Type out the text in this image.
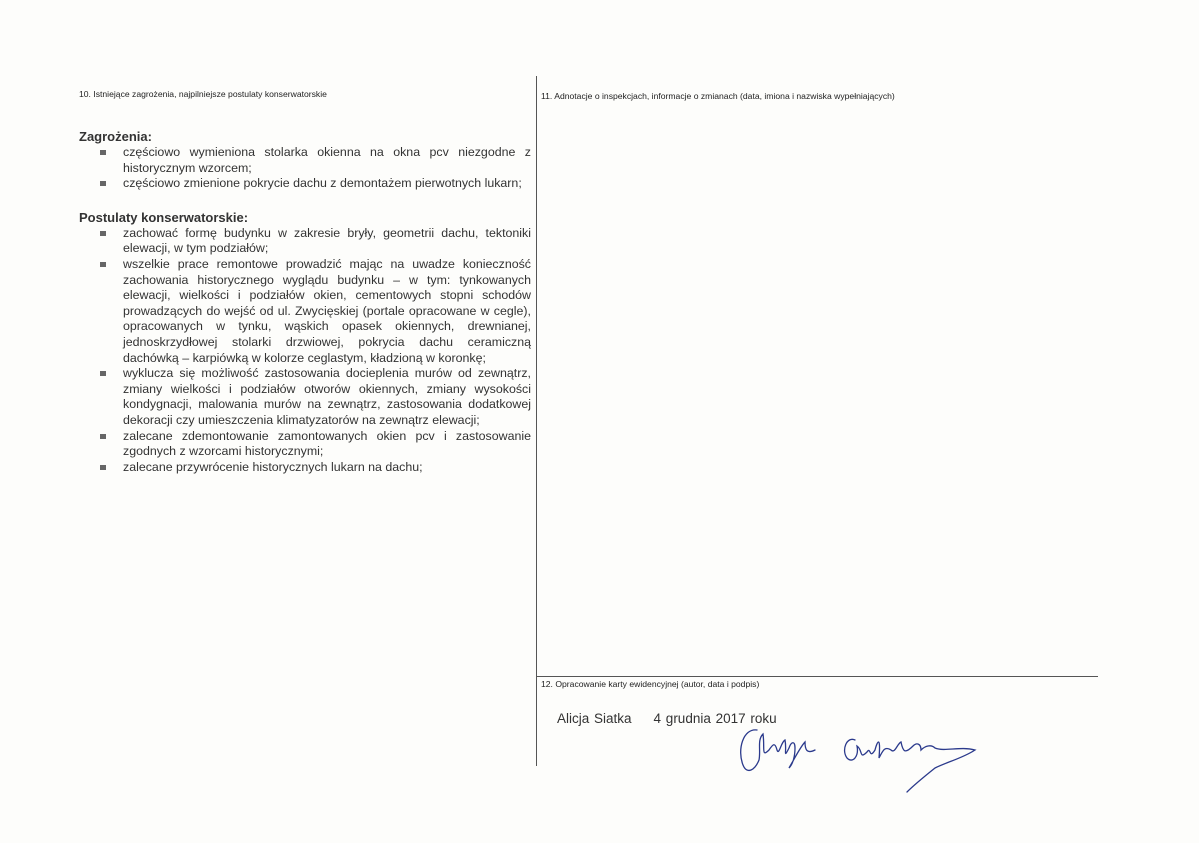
10. Istniejące zagrożenia, najpilniejsze postulaty konserwatorskie	11. Adnotacje o inspekcjach, informacje o zmianach (data, imiona i nazwiska wypełniających)
12. Opracowanie karty ewidencyjnej (autor, data i podpis)

Zagrożenia:

częściowo wymieniona stolarka okienna na okna pcv niezgodne z historycznym wzorcem;
częściowo zmienione pokrycie dachu z demontażem pierwotnych lukarn;

Postulaty konserwatorskie:

zachować formę budynku w zakresie bryły, geometrii dachu, tektoniki elewacji, w tym podziałów;
wszelkie prace remontowe prowadzić mając na uwadze konieczność zachowania historycznego wyglądu budynku – w tym: tynkowanych elewacji, wielkości i podziałów okien, cementowych stopni schodów prowadzących do wejść od ul. Zwycięskiej (portale opracowane w cegle), opracowanych w tynku, wąskich opasek okiennych, drewnianej, jednoskrzydłowej stolarki drzwiowej, pokrycia dachu ceramiczną dachówką – karpiówką w kolorze ceglastym, kładzioną w koronkę;
wyklucza się możliwość zastosowania docieplenia murów od zewnątrz, zmiany wielkości i podziałów otworów okiennych, zmiany wysokości kondygnacji, malowania murów na zewnątrz, zastosowania dodatkowej dekoracji czy umieszczenia klimatyzatorów na zewnątrz elewacji;
zalecane zdemontowanie zamontowanych okien pcv i zastosowanie zgodnych z wzorcami historycznymi;
zalecane przywrócenie historycznych lukarn na dachu;
Alicja Siatka 4 grudnia 2017 roku
